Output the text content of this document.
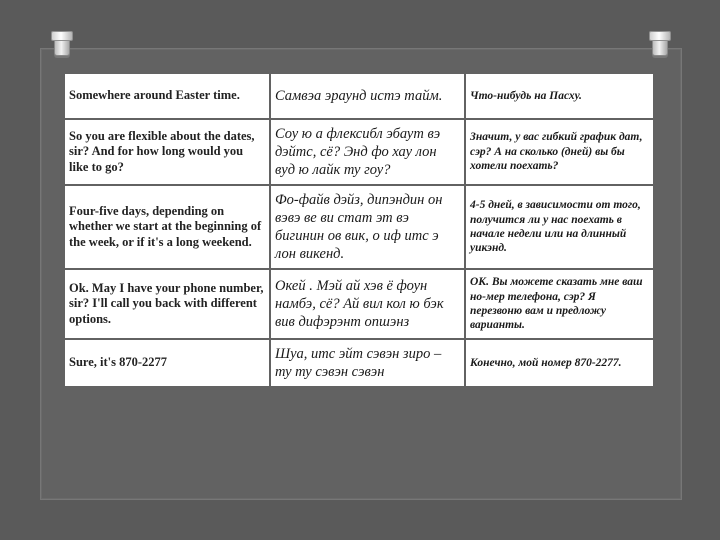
Somewhere around Easter time.	Самвэа эраунд истэ тайм.	Что-нибудь на Пасху.
So you are flexible about the dates, sir? And for how long would you like to go?	Соу ю а флексибл эбаут вэ дэйтс, сё? Энд фо хау лон вуд ю лайк ту гоу?	Значит, у вас гибкий график дат, сэр? А на сколько (дней) вы бы хотели поехать?
Four-five days, depending on whether we start at the beginning of the week, or if it's a long weekend.	Фо-файв дэйз, дипэндин он вэвэ ве ви стат эт вэ бигинин ов вик, о иф итс э лон викенд.	4-5 дней, в зависимости от того, получится ли у нас поехать в начале недели или на длинный уикэнд.
Ok. May I have your phone number, sir? I'll call you back with different options.	Окей . Мэй ай хэв ё фоун намбэ, сё? Ай вил кол ю бэк вив дифэрэнт опшэнз	ОК. Вы можете сказать мне ваш но-мер телефона, сэр? Я перезвоню вам и предложу варианты.
Sure, it's 870-2277	Шуа, итс эйт сэвэн зиро – ту ту сэвэн сэвэн	Конечно, мой номер 870-2277.
